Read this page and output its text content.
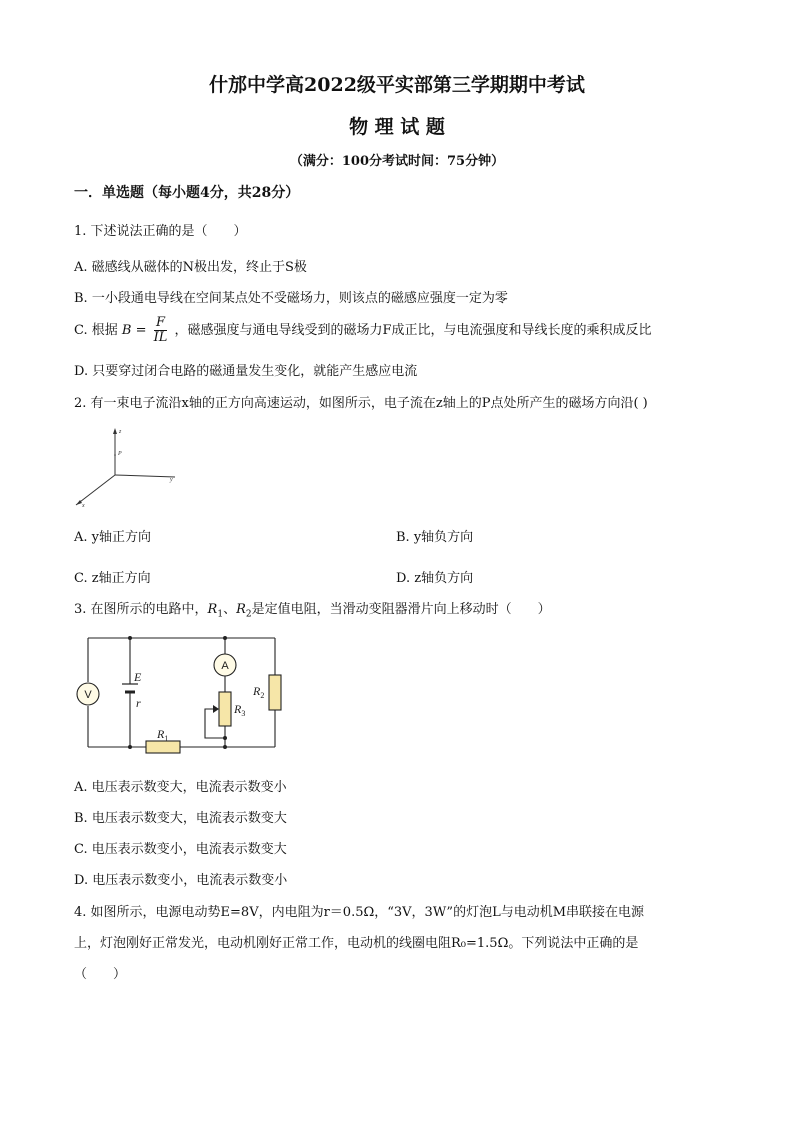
什邡中学高2022级平实部第三学期期中考试
物 理 试 题
（满分：100分考试时间：75分钟）
一．单选题（每小题4分，共28分）
1. 下述说法正确的是（　　）
A. 磁感线从磁体的N极出发，终止于S极
B. 一小段通电导线在空间某点处不受磁场力，则该点的磁感应强度一定为零
C. 根据 $B = \frac{F}{IL}$ ，磁感强度与通电导线受到的磁场力F成正比，与电流强度和导线长度的乘积成反比
D. 只要穿过闭合电路的磁通量发生变化，就能产生感应电流
2. 有一束电子流沿x轴的正方向高速运动，如图所示，电子流在z轴上的P点处所产生的磁场方向沿( )
z
P
y
x
A. y轴正方向	B. y轴负方向
C. z轴正方向	D. z轴负方向
3. 在图所示的电路中，$R_1$、$R_2$是定值电阻，当滑动变阻器滑片向上移动时（　　）
V
A
E
r
$R_1$
$R_2$
$R_3$
A. 电压表示数变大，电流表示数变小
B. 电压表示数变大，电流表示数变大
C. 电压表示数变小，电流表示数变大
D. 电压表示数变小，电流表示数变小
4. 如图所示，电源电动势E=8V，内电阻为r＝0.5Ω，“3V，3W”的灯泡L与电动机M串联接在电源
上，灯泡刚好正常发光，电动机刚好正常工作，电动机的线圈电阻R₀=1.5Ω。下列说法中正确的是
（　　）
